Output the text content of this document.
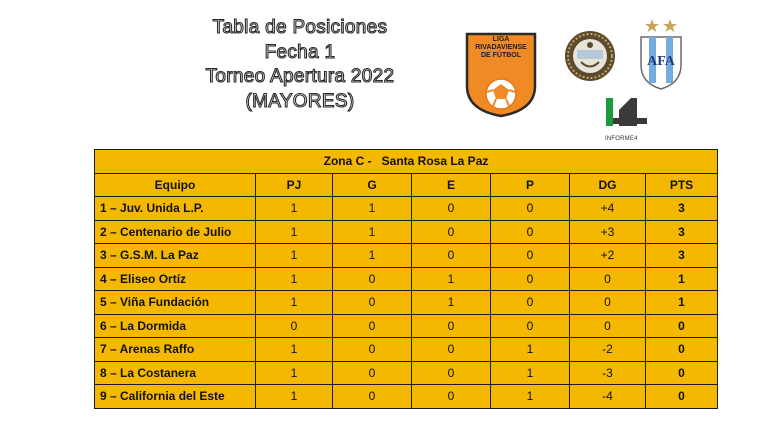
Tabla de Posiciones
Fecha 1
Torneo Apertura 2022
(MAYORES)
LIGA
RIVADAVIENSE
DE FÚTBOL	AFA
INFORME4
Zona C - Santa Rosa La Paz						
Equipo	PJ	G	E	P	DG	PTS
1 – Juv. Unida L.P.	1	1	0	0	+4	3
2 – Centenario de Julio	1	1	0	0	+3	3
3 – G.S.M. La Paz	1	1	0	0	+2	3
4 – Eliseo Ortíz	1	0	1	0	0	1
5 – Viña Fundación	1	0	1	0	0	1
6 – La Dormida	0	0	0	0	0	0
7 – Arenas Raffo	1	0	0	1	-2	0
8 – La Costanera	1	0	0	1	-3	0
9 – California del Este	1	0	0	1	-4	0
